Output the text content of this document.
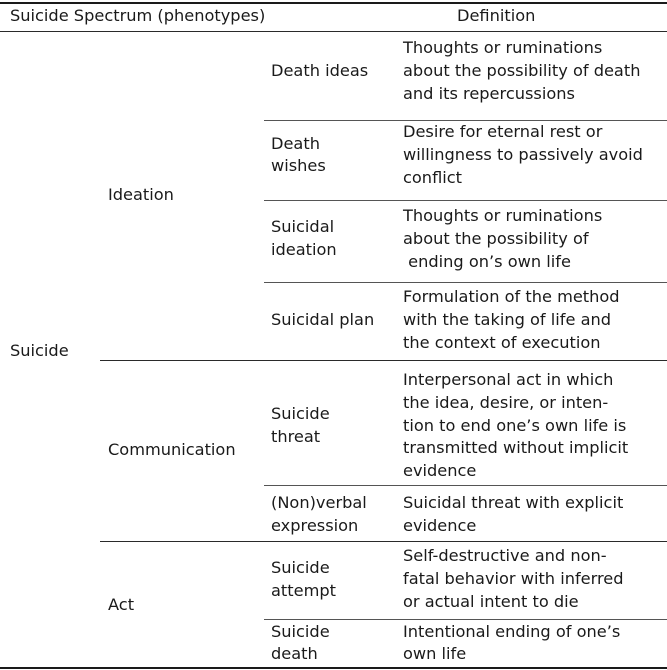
Suicide Spectrum (phenotypes)	Definition
Suicide
Ideation
Communication
Act
Death ideas
Thoughts or ruminations
about the possibility of death
and its repercussions
Death
wishes
Desire for eternal rest or
willingness to passively avoid
conflict
Suicidal
ideation
Thoughts or ruminations
about the possibility of
ending on’s own life
Suicidal plan
Formulation of the method
with the taking of life and
the context of execution
Suicide
threat
Interpersonal act in which
the idea, desire, or inten-
tion to end one’s own life is
transmitted without implicit
evidence
(Non)verbal
expression
Suicidal threat with explicit
evidence
Suicide
attempt
Self-destructive and non-
fatal behavior with inferred
or actual intent to die
Suicide
death
Intentional ending of one’s
own life
